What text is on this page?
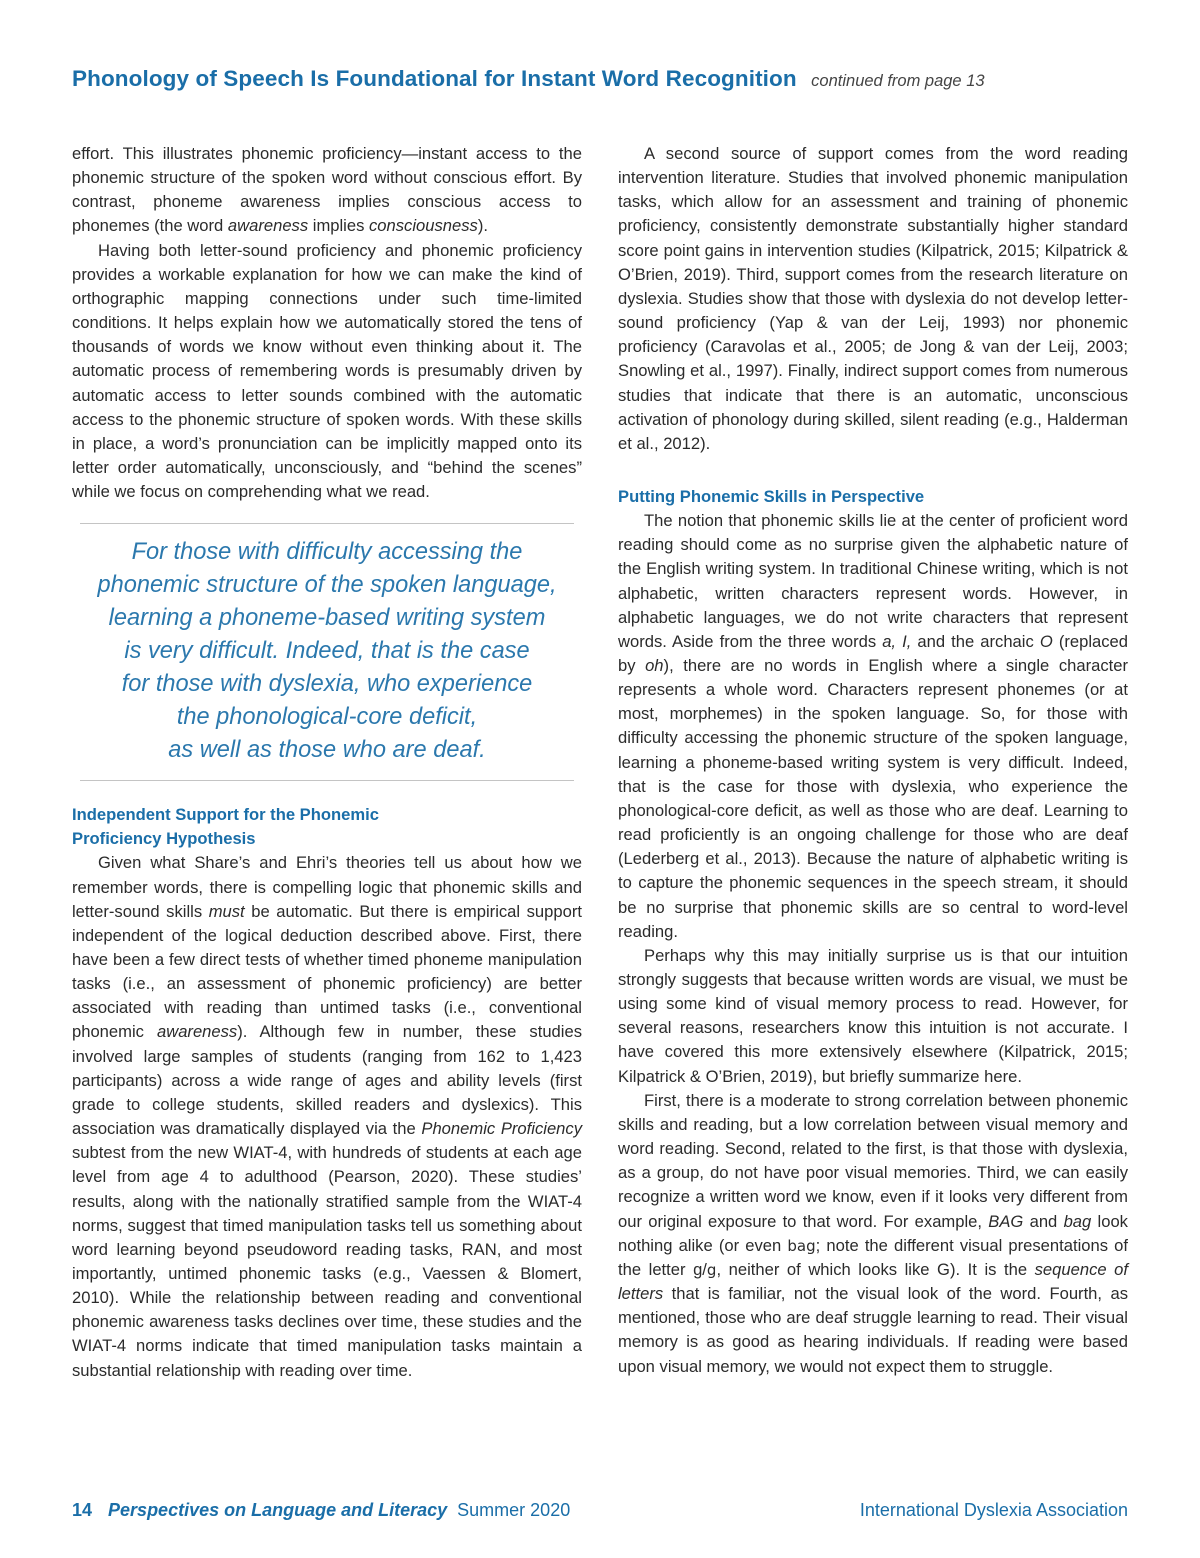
Phonology of Speech Is Foundational for Instant Word Recognition continued from page 13

effort. This illustrates phonemic proficiency—instant access to the phonemic structure of the spoken word without conscious effort. By contrast, phoneme awareness implies conscious access to phonemes (the word awareness implies consciousness).

Having both letter-sound proficiency and phonemic proficiency provides a workable explanation for how we can make the kind of orthographic mapping connections under such time-limited conditions. It helps explain how we automatically stored the tens of thousands of words we know without even thinking about it. The automatic process of remembering words is presumably driven by automatic access to letter sounds combined with the automatic access to the phonemic structure of spoken words. With these skills in place, a word’s pronunciation can be implicitly mapped onto its letter order automatically, unconsciously, and “behind the scenes” while we focus on comprehending what we read.

For those with difficulty accessing the
phonemic structure of the spoken language,
learning a phoneme-based writing system
is very difficult. Indeed, that is the case
for those with dyslexia, who experience
the phonological-core deficit,
as well as those who are deaf.
Independent Support for the Phonemic
Proficiency Hypothesis

Given what Share’s and Ehri’s theories tell us about how we remember words, there is compelling logic that phonemic skills and letter-sound skills must be automatic. But there is empirical support independent of the logical deduction described above. First, there have been a few direct tests of whether timed phoneme manipulation tasks (i.e., an assessment of phonemic proficiency) are better associated with reading than untimed tasks (i.e., conventional phonemic awareness). Although few in number, these studies involved large samples of students (ranging from 162 to 1,423 participants) across a wide range of ages and ability levels (first grade to college students, skilled readers and dyslexics). This association was dramatically displayed via the Phonemic Proficiency subtest from the new WIAT-4, with hundreds of students at each age level from age 4 to adulthood (Pearson, 2020). These studies’ results, along with the nationally stratified sample from the WIAT-4 norms, suggest that timed manipulation tasks tell us something about word learning beyond pseudoword reading tasks, RAN, and most importantly, untimed phonemic tasks (e.g., Vaessen & Blomert, 2010). While the relationship between reading and conventional phonemic awareness tasks declines over time, these studies and the WIAT-4 norms indicate that timed manipulation tasks maintain a substantial relationship with reading over time.

A second source of support comes from the word reading intervention literature. Studies that involved phonemic manipulation tasks, which allow for an assessment and training of phonemic proficiency, consistently demonstrate substantially higher standard score point gains in intervention studies (Kilpatrick, 2015; Kilpatrick & O’Brien, 2019). Third, support comes from the research literature on dyslexia. Studies show that those with dyslexia do not develop letter-sound proficiency (Yap & van der Leij, 1993) nor phonemic proficiency (Caravolas et al., 2005; de Jong & van der Leij, 2003; Snowling et al., 1997). Finally, indirect support comes from numerous studies that indicate that there is an automatic, unconscious activation of phonology during skilled, silent reading (e.g., Halderman et al., 2012).

Putting Phonemic Skills in Perspective

The notion that phonemic skills lie at the center of proficient word reading should come as no surprise given the alphabetic nature of the English writing system. In traditional Chinese writing, which is not alphabetic, written characters represent words. However, in alphabetic languages, we do not write characters that represent words. Aside from the three words a, I, and the archaic O (replaced by oh), there are no words in English where a single character represents a whole word. Characters represent phonemes (or at most, morphemes) in the spoken language. So, for those with difficulty accessing the phonemic structure of the spoken language, learning a phoneme-based writing system is very difficult. Indeed, that is the case for those with dyslexia, who experience the phonological-core deficit, as well as those who are deaf. Learning to read proficiently is an ongoing challenge for those who are deaf (Lederberg et al., 2013). Because the nature of alphabetic writing is to capture the phonemic sequences in the speech stream, it should be no surprise that phonemic skills are so central to word-level reading.

Perhaps why this may initially surprise us is that our intuition strongly suggests that because written words are visual, we must be using some kind of visual memory process to read. However, for several reasons, researchers know this intuition is not accurate. I have covered this more extensively elsewhere (Kilpatrick, 2015; Kilpatrick & O’Brien, 2019), but briefly summarize here.

First, there is a moderate to strong correlation between phonemic skills and reading, but a low correlation between visual memory and word reading. Second, related to the first, is that those with dyslexia, as a group, do not have poor visual memories. Third, we can easily recognize a written word we know, even if it looks very different from our original exposure to that word. For example, BAG and bag look nothing alike (or even bag; note the different visual presentations of the letter g/g, neither of which looks like G). It is the sequence of letters that is familiar, not the visual look of the word. Fourth, as mentioned, those who are deaf struggle learning to read. Their visual memory is as good as hearing individuals. If reading were based upon visual memory, we would not expect them to struggle.

14 Perspectives on Language and Literacy Summer 2020	International Dyslexia Association
